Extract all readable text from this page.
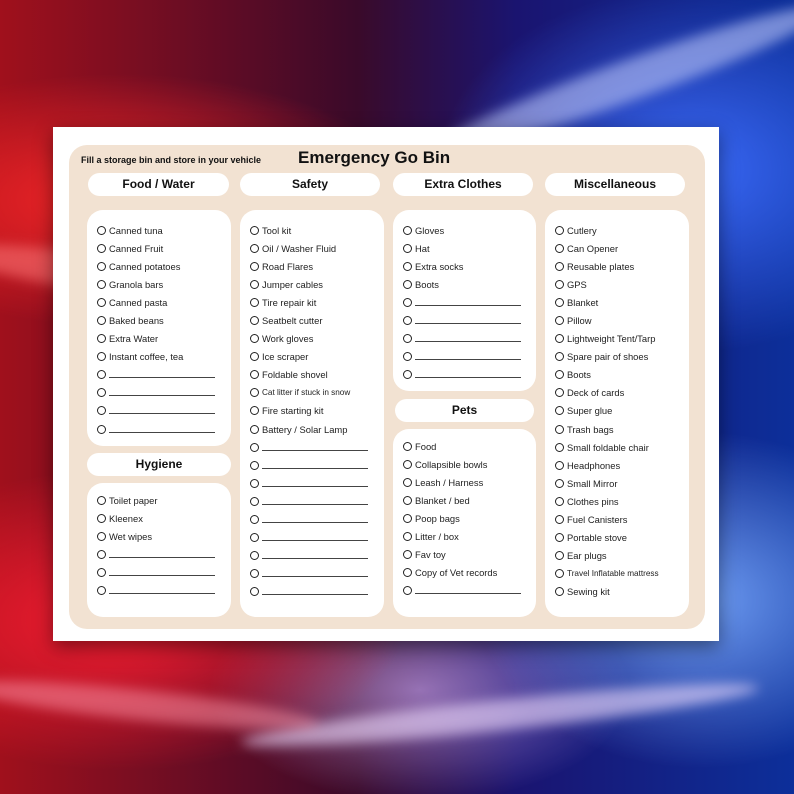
Fill a storage bin and store in your vehicle Emergency Go Bin
Food / Water	Safety	Extra Clothes	Miscellaneous
Hygiene
Pets
Canned tuna
Canned Fruit
Canned potatoes
Granola bars
Canned pasta
Baked beans
Extra Water
Instant coffee, tea
Toilet paper
Kleenex
Wet wipes
Tool kit
Oil / Washer Fluid
Road Flares
Jumper cables
Tire repair kit
Seatbelt cutter
Work gloves
Ice scraper
Foldable shovel
Cat litter if stuck in snow
Fire starting kit
Battery / Solar Lamp
Gloves
Hat
Extra socks
Boots
Food
Collapsible bowls
Leash / Harness
Blanket / bed
Poop bags
Litter / box
Fav toy
Copy of Vet records
Cutlery
Can Opener
Reusable plates
GPS
Blanket
Pillow
Lightweight Tent/Tarp
Spare pair of shoes
Boots
Deck of cards
Super glue
Trash bags
Small foldable chair
Headphones
Small Mirror
Clothes pins
Fuel Canisters
Portable stove
Ear plugs
Travel Inflatable mattress
Sewing kit
